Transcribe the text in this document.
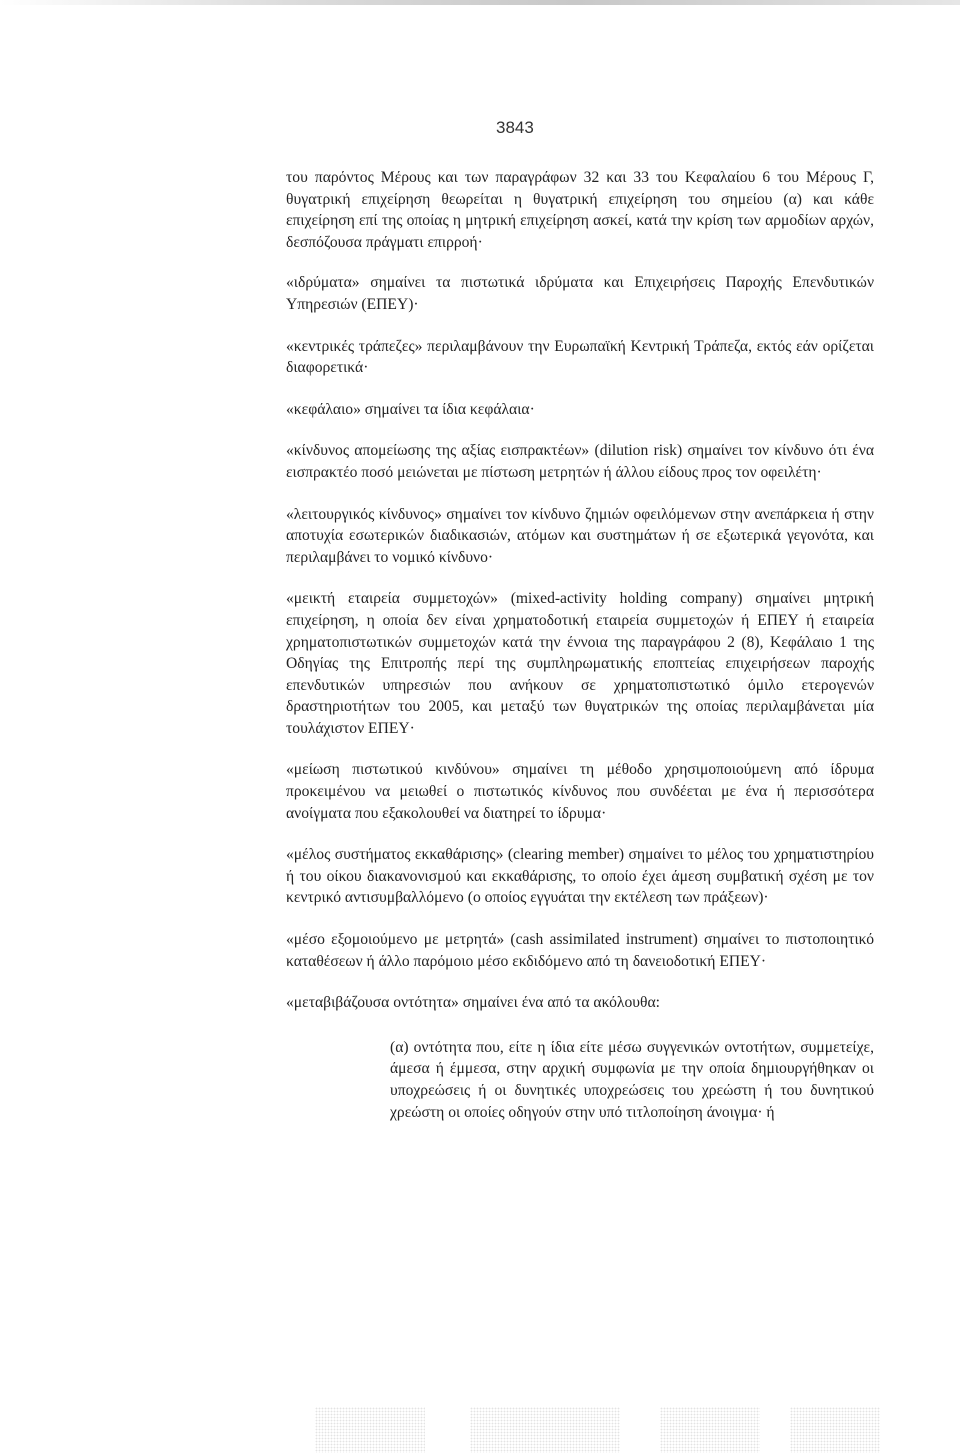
3843

του παρόντος Μέρους και των παραγράφων 32 και 33 του Κεφαλαίου 6 του Μέρους Γ, θυγατρική επιχείρηση θεωρείται η θυγατρική επιχείρηση του σημείου (α) και κάθε επιχείρηση επί της οποίας η μητρική επιχείρηση ασκεί, κατά την κρίση των αρμοδίων αρχών, δεσπόζουσα πράγματι επιρροή·

«ιδρύματα» σημαίνει τα πιστωτικά ιδρύματα και Επιχειρήσεις Παροχής Επενδυτικών Υπηρεσιών (ΕΠΕΥ)·

«κεντρικές τράπεζες» περιλαμβάνουν την Ευρωπαϊκή Κεντρική Τράπεζα, εκτός εάν ορίζεται διαφορετικά·

«κεφάλαιο» σημαίνει τα ίδια κεφάλαια·

«κίνδυνος απομείωσης της αξίας εισπρακτέων» (dilution risk) σημαίνει τον κίνδυνο ότι ένα εισπρακτέο ποσό μειώνεται με πίστωση μετρητών ή άλλου είδους προς τον οφειλέτη·

«λειτουργικός κίνδυνος» σημαίνει τον κίνδυνο ζημιών οφειλόμενων στην ανεπάρκεια ή στην αποτυχία εσωτερικών διαδικασιών, ατόμων και συστημάτων ή σε εξωτερικά γεγονότα, και περιλαμβάνει το νομικό κίνδυνο·

«μεικτή εταιρεία συμμετοχών» (mixed-activity holding company) σημαίνει μητρική επιχείρηση, η οποία δεν είναι χρηματοδοτική εταιρεία συμμετοχών ή ΕΠΕΥ ή εταιρεία χρηματοπιστωτικών συμμετοχών κατά την έννοια της παραγράφου 2 (8), Κεφάλαιο 1 της Οδηγίας της Επιτροπής περί της συμπληρωματικής εποπτείας επιχειρήσεων παροχής επενδυτικών υπηρεσιών που ανήκουν σε χρηματοπιστωτικό όμιλο ετερογενών δραστηριοτήτων του 2005, και μεταξύ των θυγατρικών της οποίας περιλαμβάνεται μία τουλάχιστον ΕΠΕΥ·

«μείωση πιστωτικού κινδύνου» σημαίνει τη μέθοδο χρησιμοποιούμενη από ίδρυμα προκειμένου να μειωθεί ο πιστωτικός κίνδυνος που συνδέεται με ένα ή περισσότερα ανοίγματα που εξακολουθεί να διατηρεί το ίδρυμα·

«μέλος συστήματος εκκαθάρισης» (clearing member) σημαίνει το μέλος του χρηματιστηρίου ή του οίκου διακανονισμού και εκκαθάρισης, το οποίο έχει άμεση συμβατική σχέση με τον κεντρικό αντισυμβαλλόμενο (ο οποίος εγγυάται την εκτέλεση των πράξεων)·

«μέσο εξομοιούμενο με μετρητά» (cash assimilated instrument) σημαίνει το πιστοποιητικό καταθέσεων ή άλλο παρόμοιο μέσο εκδιδόμενο από τη δανειοδοτική ΕΠΕΥ·

«μεταβιβάζουσα οντότητα» σημαίνει ένα από τα ακόλουθα:

(α) οντότητα που, είτε η ίδια είτε μέσω συγγενικών οντοτήτων, συμμετείχε, άμεσα ή έμμεσα, στην αρχική συμφωνία με την οποία δημιουργήθηκαν οι υποχρεώσεις ή οι δυνητικές υποχρεώσεις του χρεώστη ή του δυνητικού χρεώστη οι οποίες οδηγούν στην υπό τιτλοποίηση άνοιγμα· ή
